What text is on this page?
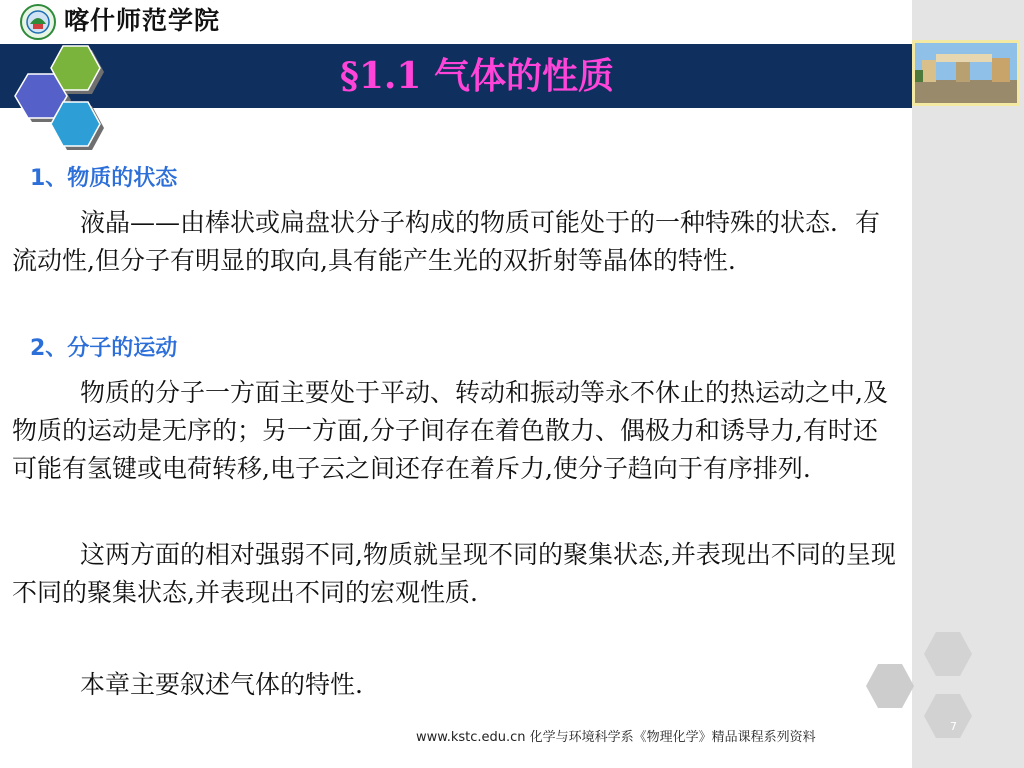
喀什师范学院
§1.1 气体的性质
1、物质的状态

液晶——由棒状或扁盘状分子构成的物质可能处于的一种特殊的状态．有流动性,但分子有明显的取向,具有能产生光的双折射等晶体的特性.

2、分子的运动

物质的分子一方面主要处于平动、转动和振动等永不休止的热运动之中,及物质的运动是无序的；另一方面,分子间存在着色散力、偶极力和诱导力,有时还可能有氢键或电荷转移,电子云之间还存在着斥力,使分子趋向于有序排列.

这两方面的相对强弱不同,物质就呈现不同的聚集状态,并表现出不同的呈现不同的聚集状态,并表现出不同的宏观性质.

本章主要叙述气体的特性.

7
www.kstc.edu.cn 化学与环境科学系《物理化学》精品课程系列资料
